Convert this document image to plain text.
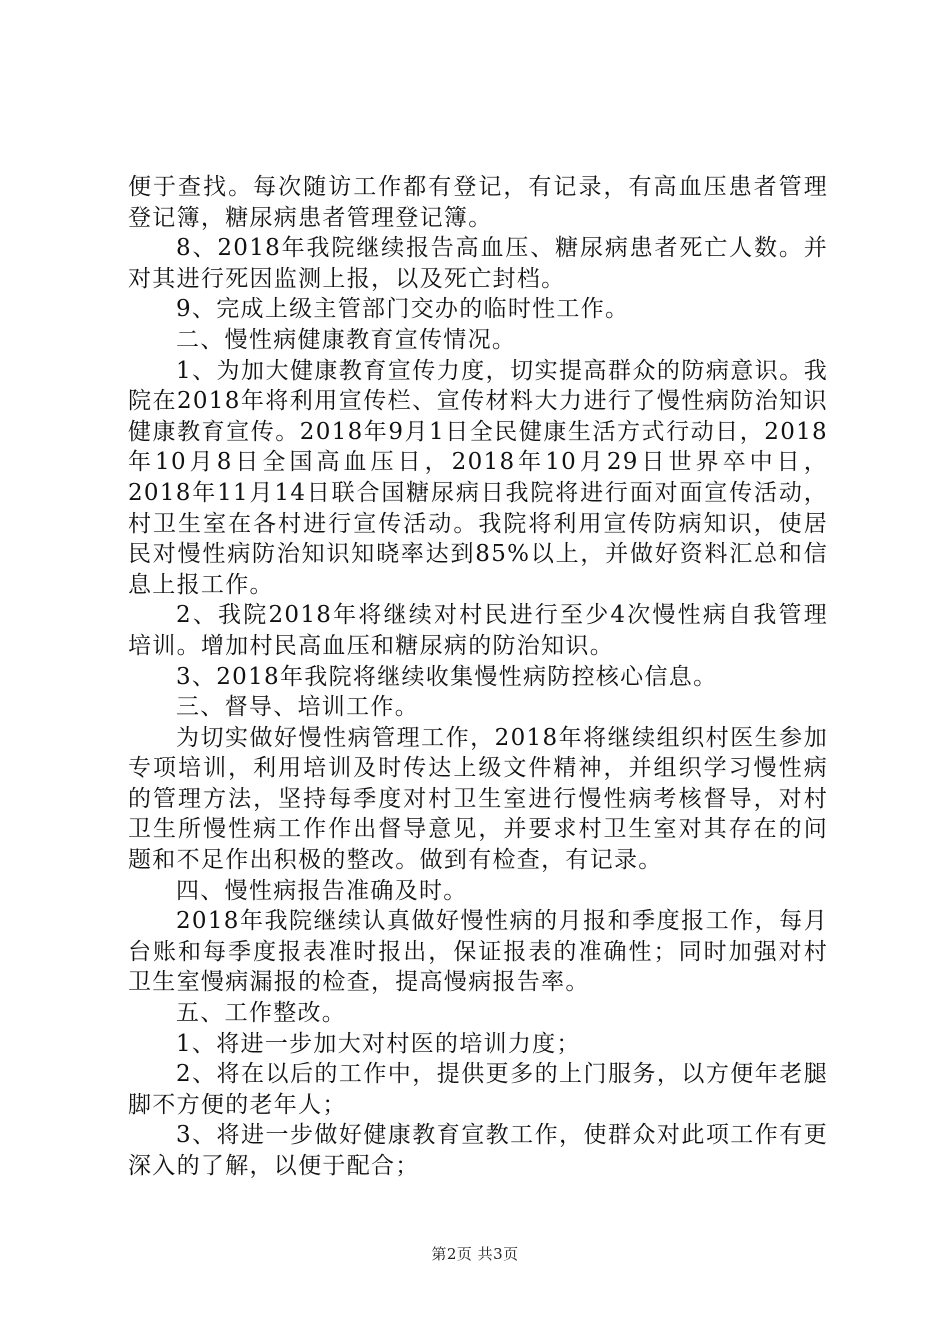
便于查找。每次随访工作都有登记，有记录，有高血压患者管理登记簿，糖尿病患者管理登记簿。

8、2018年我院继续报告高血压、糖尿病患者死亡人数。并对其进行死因监测上报，以及死亡封档。

9、完成上级主管部门交办的临时性工作。

二、慢性病健康教育宣传情况。

1、为加大健康教育宣传力度，切实提高群众的防病意识。我院在2018年将利用宣传栏、宣传材料大力进行了慢性病防治知识健康教育宣传。2018年9月1日全民健康生活方式行动日，2018年10月8日全国高血压日，2018年10月29日世界卒中日，2018年11月14日联合国糖尿病日我院将进行面对面宣传活动，村卫生室在各村进行宣传活动。我院将利用宣传防病知识，使居民对慢性病防治知识知晓率达到85%以上，并做好资料汇总和信息上报工作。

2、我院2018年将继续对村民进行至少4次慢性病自我管理培训。增加村民高血压和糖尿病的防治知识。

3、2018年我院将继续收集慢性病防控核心信息。

三、督导、培训工作。

为切实做好慢性病管理工作，2018年将继续组织村医生参加专项培训，利用培训及时传达上级文件精神，并组织学习慢性病的管理方法，坚持每季度对村卫生室进行慢性病考核督导，对村卫生所慢性病工作作出督导意见，并要求村卫生室对其存在的问题和不足作出积极的整改。做到有检查，有记录。

四、慢性病报告准确及时。

2018年我院继续认真做好慢性病的月报和季度报工作，每月台账和每季度报表准时报出，保证报表的准确性；同时加强对村卫生室慢病漏报的检查，提高慢病报告率。

五、工作整改。

1、将进一步加大对村医的培训力度；

2、将在以后的工作中，提供更多的上门服务，以方便年老腿脚不方便的老年人；

3、将进一步做好健康教育宣教工作，使群众对此项工作有更深入的了解，以便于配合；

第2页 共3页
